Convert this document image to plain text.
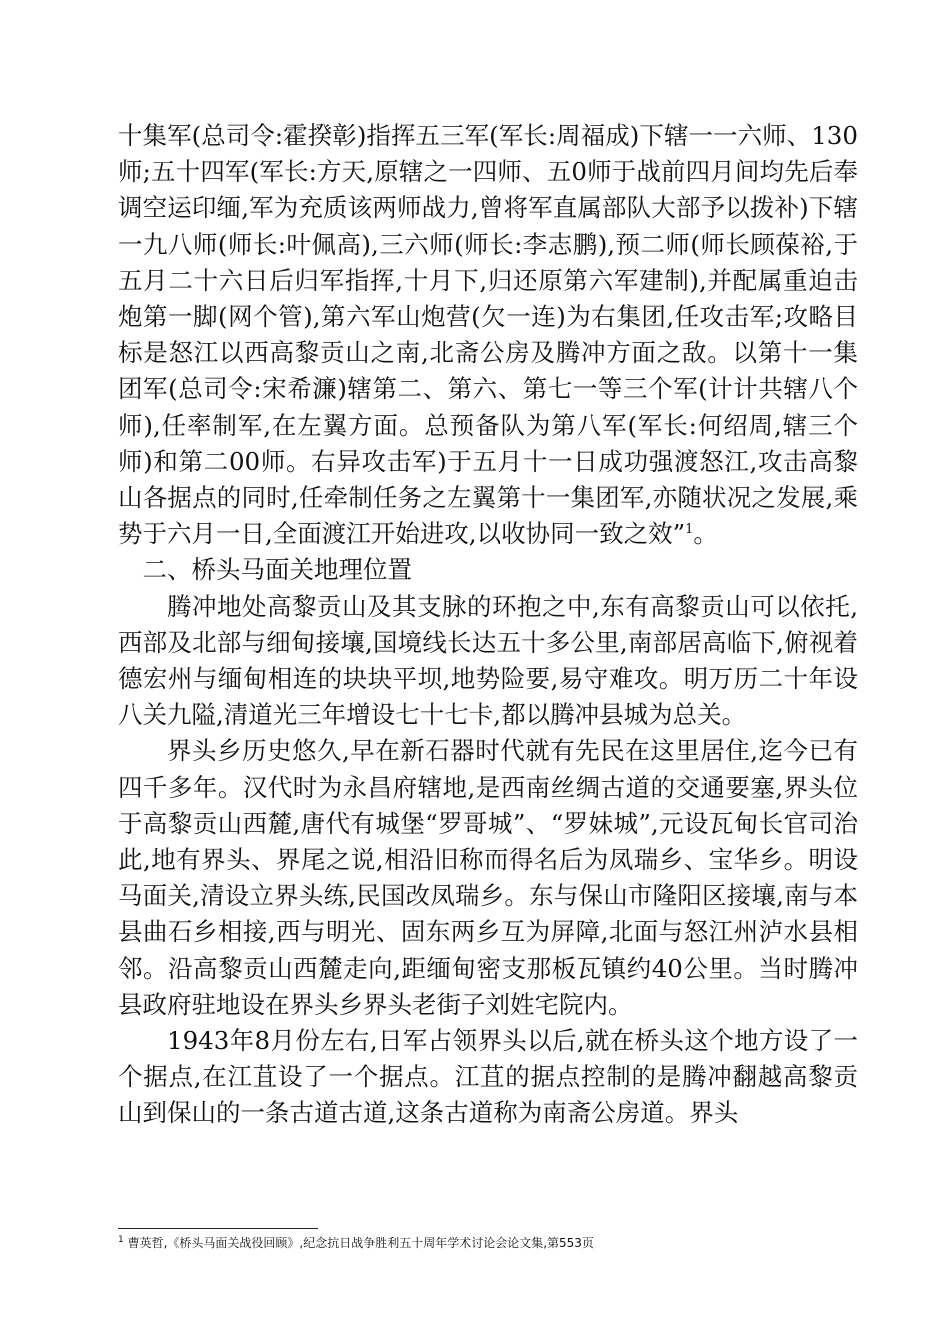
十集军(总司令:霍揆彰)指挥五三军(军长:周福成)下辖一一六师、130师;五十四军(军长:方天,原辖之一四师、五0师于战前四月间均先后奉调空运印缅,军为充质该两师战力,曾将军直属部队大部予以拨补)下辖一九八师(师长:叶佩高),三六师(师长:李志鹏),预二师(师长顾葆裕,于五月二十六日后归军指挥,十月下,归还原第六军建制),并配属重迫击炮第一脚(网个管),第六军山炮营(欠一连)为右集团,任攻击军;攻略目标是怒江以西高黎贡山之南,北斋公房及腾冲方面之敌。以第十一集团军(总司令:宋希濂)辖第二、第六、第七一等三个军(计计共辖八个师),任率制军,在左翼方面。总预备队为第八军(军长:何绍周,辖三个师)和第二00师。右异攻击军)于五月十一日成功强渡怒江,攻击高黎山各据点的同时,任牵制任务之左翼第十一集团军,亦随状况之发展,乘势于六月一日,全面渡江开始进攻,以收协同一致之效”$^1$。

二、桥头马面关地理位置

腾冲地处高黎贡山及其支脉的环抱之中,东有高黎贡山可以依托,西部及北部与细甸接壤,国境线长达五十多公里,南部居高临下,俯视着德宏州与缅甸相连的块块平坝,地势险要,易守难攻。明万历二十年设八关九隘,清道光三年增设七十七卡,都以腾冲县城为总关。

界头乡历史悠久,早在新石器时代就有先民在这里居住,迄今已有四千多年。汉代时为永昌府辖地,是西南丝绸古道的交通要塞,界头位于高黎贡山西麓,唐代有城堡“罗哥城”、“罗妹城”,元设瓦甸长官司治此,地有界头、界尾之说,相沿旧称而得名后为凤瑞乡、宝华乡。明设马面关,清设立界头练,民国改凤瑞乡。东与保山市隆阳区接壤,南与本县曲石乡相接,西与明光、固东两乡互为屏障,北面与怒江州泸水县相邻。沿高黎贡山西麓走向,距缅甸密支那板瓦镇约40公里。当时腾冲县政府驻地设在界头乡界头老街子刘姓宅院内。

1943年8月份左右,日军占领界头以后,就在桥头这个地方设了一个据点,在江苴设了一个据点。江苴的据点控制的是腾冲翻越高黎贡山到保山的一条古道古道,这条古道称为南斋公房道。界头

$^1$ 曹英哲,《桥头马面关战役回顾》,纪念抗日战争胜利五十周年学术讨论会论文集,第553页
